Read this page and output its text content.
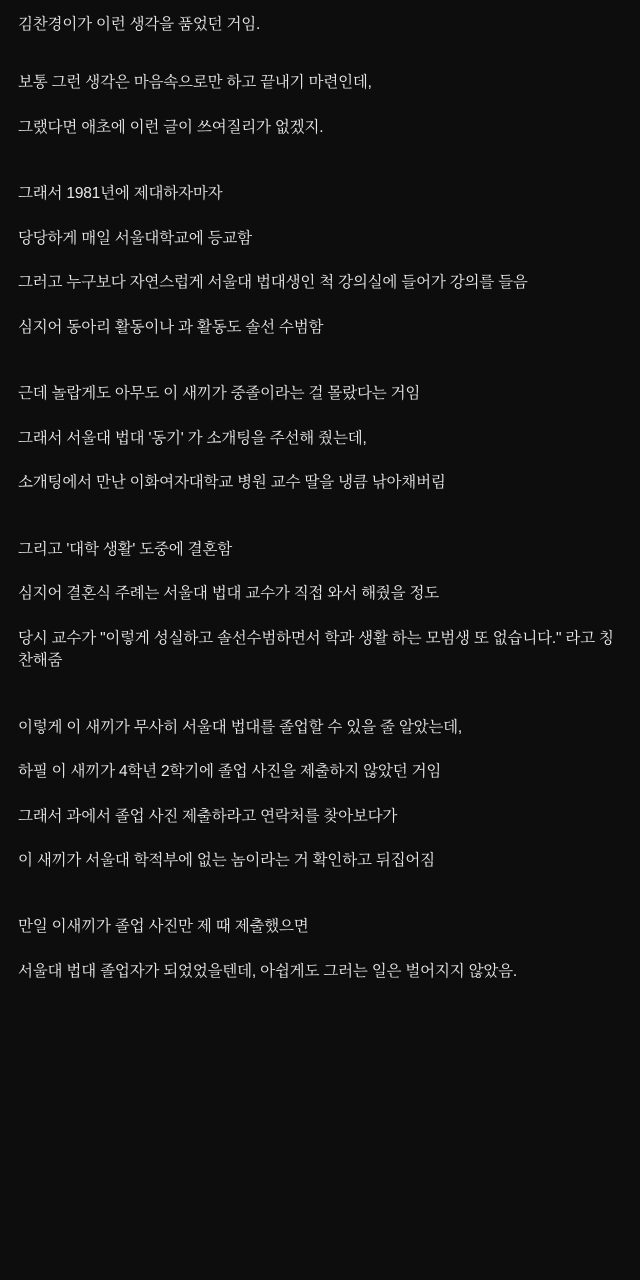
김찬경이가 이런 생각을 품었던 거임.

보통 그런 생각은 마음속으로만 하고 끝내기 마련인데,

그랬다면 애초에 이런 글이 쓰여질리가 없겠지.

그래서 1981년에 제대하자마자

당당하게 매일 서울대학교에 등교함

그러고 누구보다 자연스럽게 서울대 법대생인 척 강의실에 들어가 강의를 들음

심지어 동아리 활동이나 과 활동도 솔선 수범함

근데 놀랍게도 아무도 이 새끼가 중졸이라는 걸 몰랐다는 거임

그래서 서울대 법대 '동기' 가 소개팅을 주선해 줬는데,

소개팅에서 만난 이화여자대학교 병원 교수 딸을 냉큼 낚아채버림

그리고 '대학 생활' 도중에 결혼함

심지어 결혼식 주례는 서울대 법대 교수가 직접 와서 해줬을 정도

당시 교수가 "이렇게 성실하고 솔선수범하면서 학과 생활 하는 모범생 또 없습니다." 라고 칭찬해줌

이렇게 이 새끼가 무사히 서울대 법대를 졸업할 수 있을 줄 알았는데,

하필 이 새끼가 4학년 2학기에 졸업 사진을 제출하지 않았던 거임

그래서 과에서 졸업 사진 제출하라고 연락처를 찾아보다가

이 새끼가 서울대 학적부에 없는 놈이라는 거 확인하고 뒤집어짐

만일 이새끼가 졸업 사진만 제 때 제출했으면

서울대 법대 졸업자가 되었었을텐데, 아쉽게도 그러는 일은 벌어지지 않았음.
